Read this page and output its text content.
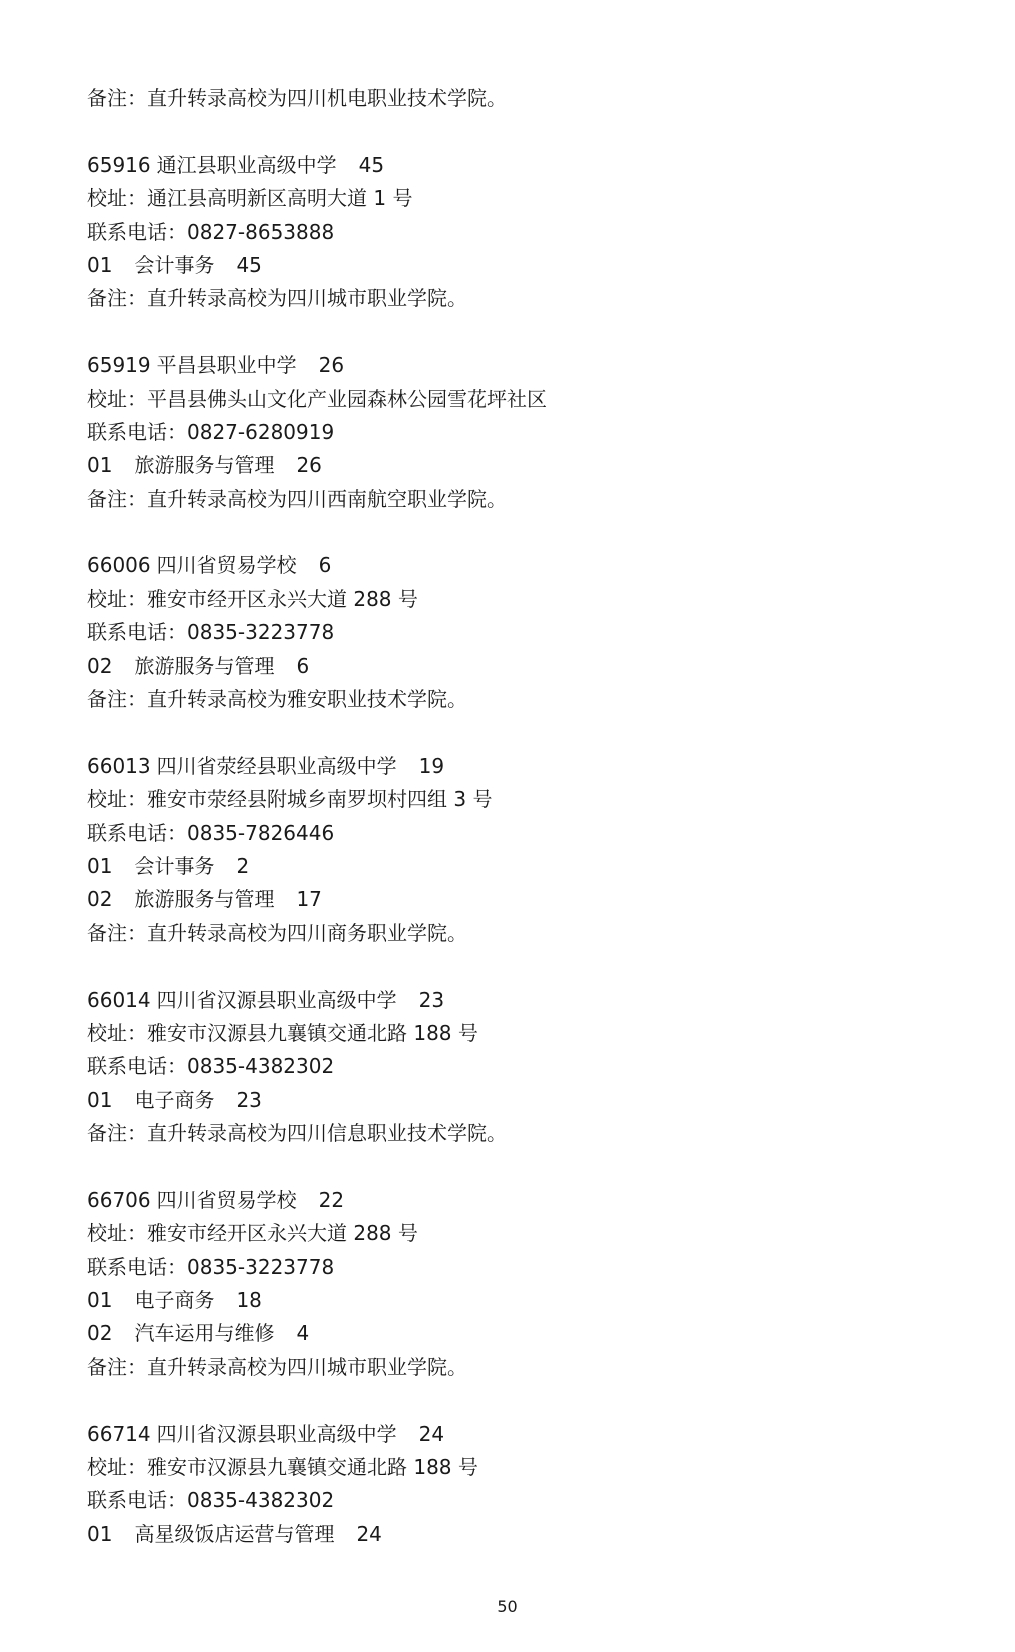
备注：直升转录高校为四川机电职业技术学院。
65916 通江县职业高级中学 45
校址：通江县高明新区高明大道 1 号
联系电话：0827-8653888
01 会计事务 45
备注：直升转录高校为四川城市职业学院。
65919 平昌县职业中学 26
校址：平昌县佛头山文化产业园森林公园雪花坪社区
联系电话：0827-6280919
01 旅游服务与管理 26
备注：直升转录高校为四川西南航空职业学院。
66006 四川省贸易学校 6
校址：雅安市经开区永兴大道 288 号
联系电话：0835-3223778
02 旅游服务与管理 6
备注：直升转录高校为雅安职业技术学院。
66013 四川省荥经县职业高级中学 19
校址：雅安市荥经县附城乡南罗坝村四组 3 号
联系电话：0835-7826446
01 会计事务 2
02 旅游服务与管理 17
备注：直升转录高校为四川商务职业学院。
66014 四川省汉源县职业高级中学 23
校址：雅安市汉源县九襄镇交通北路 188 号
联系电话：0835-4382302
01 电子商务 23
备注：直升转录高校为四川信息职业技术学院。
66706 四川省贸易学校 22
校址：雅安市经开区永兴大道 288 号
联系电话：0835-3223778
01 电子商务 18
02 汽车运用与维修 4
备注：直升转录高校为四川城市职业学院。
66714 四川省汉源县职业高级中学 24
校址：雅安市汉源县九襄镇交通北路 188 号
联系电话：0835-4382302
01 高星级饭店运营与管理 24
50
